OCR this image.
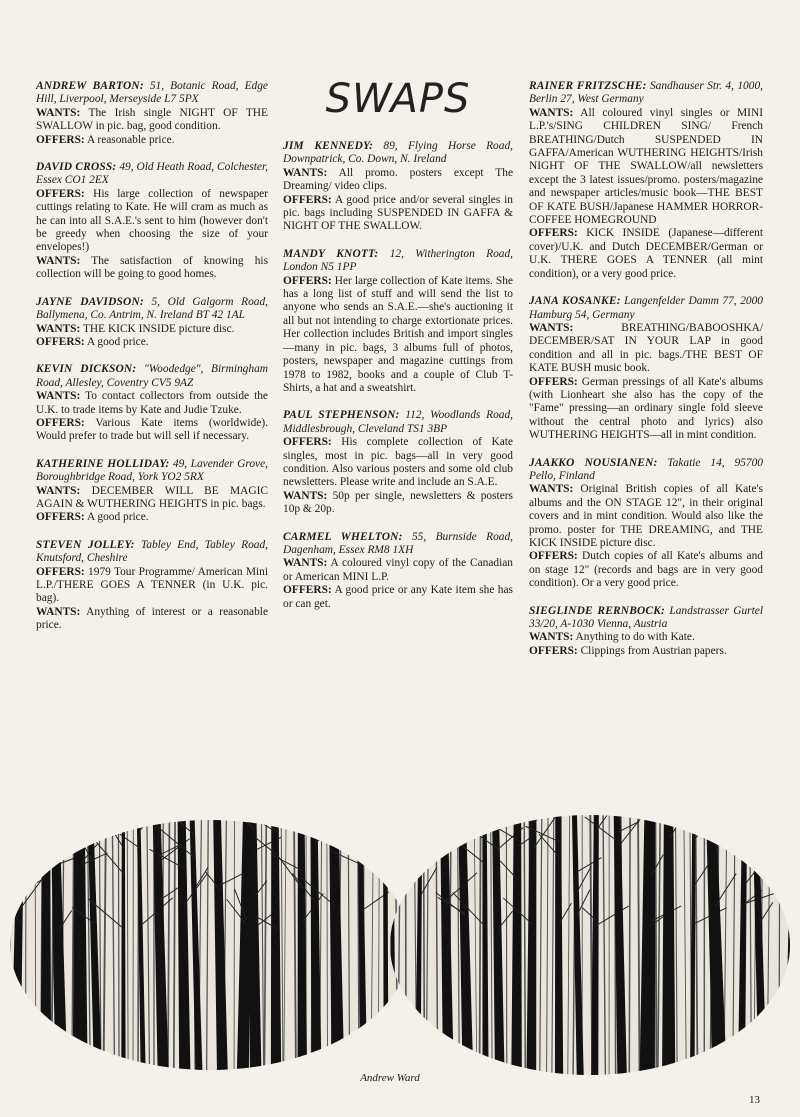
SWAPS
ANDREW BARTON: 51, Botanic Road, Edge Hill, Liverpool, Merseyside L7 5PX
WANTS: The Irish single NIGHT OF THE SWALLOW in pic. bag, good condition.
OFFERS: A reasonable price.
DAVID CROSS: 49, Old Heath Road, Colchester, Essex CO1 2EX
OFFERS: His large collection of newspaper cuttings relating to Kate. He will cram as much as he can into all S.A.E.'s sent to him (however don't be greedy when choosing the size of your envelopes!)
WANTS: The satisfaction of knowing his collection will be going to good homes.
JAYNE DAVIDSON: 5, Old Galgorm Road, Ballymena, Co. Antrim, N. Ireland BT 42 1AL
WANTS: THE KICK INSIDE picture disc.
OFFERS: A good price.
KEVIN DICKSON: "Woodedge", Birmingham Road, Allesley, Coventry CV5 9AZ
WANTS: To contact collectors from outside the U.K. to trade items by Kate and Judie Tzuke.
OFFERS: Various Kate items (worldwide). Would prefer to trade but will sell if necessary.
KATHERINE HOLLIDAY: 49, Lavender Grove, Boroughbridge Road, York YO2 5RX
WANTS: DECEMBER WILL BE MAGIC AGAIN & WUTHERING HEIGHTS in pic. bags.
OFFERS: A good price.
STEVEN JOLLEY: Tabley End, Tabley Road, Knutsford, Cheshire
OFFERS: 1979 Tour Programme/ American Mini L.P./THERE GOES A TENNER (in U.K. pic. bag).
WANTS: Anything of interest or a reasonable price.
JIM KENNEDY: 89, Flying Horse Road, Downpatrick, Co. Down, N. Ireland
WANTS: All promo. posters except The Dreaming/ video clips.
OFFERS: A good price and/or several singles in pic. bags including SUSPENDED IN GAFFA & NIGHT OF THE SWALLOW.
MANDY KNOTT: 12, Witherington Road, London N5 1PP
OFFERS: Her large collection of Kate items. She has a long list of stuff and will send the list to anyone who sends an S.A.E.—she's auctioning it all but not intending to charge extortionate prices. Her collection includes British and import singles—many in pic. bags, 3 albums full of photos, posters, newspaper and magazine cuttings from 1978 to 1982, books and a couple of Club T-Shirts, a hat and a sweatshirt.
PAUL STEPHENSON: 112, Woodlands Road, Middlesbrough, Cleveland TS1 3BP
OFFERS: His complete collection of Kate singles, most in pic. bags—all in very good condition. Also various posters and some old club newsletters. Please write and include an S.A.E.
WANTS: 50p per single, newsletters & posters 10p & 20p.
CARMEL WHELTON: 55, Burnside Road, Dagenham, Essex RM8 1XH
WANTS: A coloured vinyl copy of the Canadian or American MINI L.P.
OFFERS: A good price or any Kate item she has or can get.
RAINER FRITZSCHE: Sandhauser Str. 4, 1000, Berlin 27, West Germany
WANTS: All coloured vinyl singles or MINI L.P.'s/SING CHILDREN SING/ French BREATHING/Dutch SUSPENDED IN GAFFA/American WUTHERING HEIGHTS/Irish NIGHT OF THE SWALLOW/all newsletters except the 3 latest issues/promo. posters/magazine and newspaper articles/music book—THE BEST OF KATE BUSH/Japanese HAMMER HORROR-COFFEE HOMEGROUND
OFFERS: KICK INSIDE (Japanese—different cover)/U.K. and Dutch DECEMBER/German or U.K. THERE GOES A TENNER (all mint condition), or a very good price.
JANA KOSANKE: Langenfelder Damm 77, 2000 Hamburg 54, Germany
WANTS: BREATHING/BABOOSHKA/ DECEMBER/SAT IN YOUR LAP in good condition and all in pic. bags./THE BEST OF KATE BUSH music book.
OFFERS: German pressings of all Kate's albums (with Lionheart she also has the copy of the "Fame" pressing—an ordinary single fold sleeve without the central photo and lyrics) also WUTHERING HEIGHTS—all in mint condition.
JAAKKO NOUSIANEN: Takatie 14, 95700 Pello, Finland
WANTS: Original British copies of all Kate's albums and the ON STAGE 12", in their original covers and in mint condition. Would also like the promo. poster for THE DREAMING, and THE KICK INSIDE picture disc.
OFFERS: Dutch copies of all Kate's albums and on stage 12" (records and bags are in very good condition). Or a very good price.
SIEGLINDE RERNBOCK: Landstrasser Gurtel 33/20, A-1030 Vienna, Austria
WANTS: Anything to do with Kate.
OFFERS: Clippings from Austrian papers.
Andrew Ward
13
